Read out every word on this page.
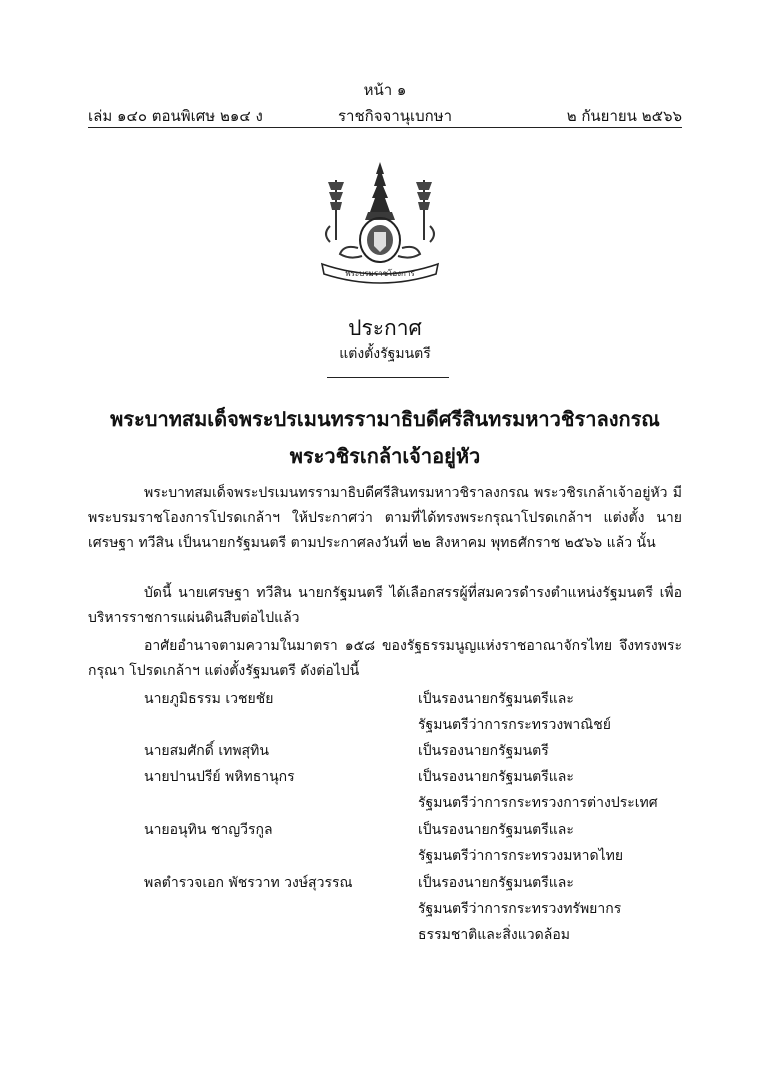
หน้า ๑
เล่ม ๑๔๐ ตอนพิเศษ ๒๑๔ ง	ราชกิจจานุเบกษา	๒ กันยายน ๒๕๖๖
พระบรมราชโองการ
ประกาศ
แต่งตั้งรัฐมนตรี
พระบาทสมเด็จพระปรเมนทรรามาธิบดีศรีสินทรมหาวชิราลงกรณ
พระวชิรเกล้าเจ้าอยู่หัว

พระบาทสมเด็จพระปรเมนทรรามาธิบดีศรีสินทรมหาวชิราลงกรณ พระวชิรเกล้าเจ้าอยู่หัว มีพระบรมราชโองการโปรดเกล้าฯ ให้ประกาศว่า ตามที่ได้ทรงพระกรุณาโปรดเกล้าฯ แต่งตั้ง นายเศรษฐา ทวีสิน เป็นนายกรัฐมนตรี ตามประกาศลงวันที่ ๒๒ สิงหาคม พุทธศักราช ๒๕๖๖ แล้ว นั้น

บัดนี้ นายเศรษฐา ทวีสิน นายกรัฐมนตรี ได้เลือกสรรผู้ที่สมควรดำรงตำแหน่งรัฐมนตรี เพื่อบริหารราชการแผ่นดินสืบต่อไปแล้ว

อาศัยอำนาจตามความในมาตรา ๑๕๘ ของรัฐธรรมนูญแห่งราชอาณาจักรไทย จึงทรงพระกรุณา โปรดเกล้าฯ แต่งตั้งรัฐมนตรี ดังต่อไปนี้

นายภูมิธรรม เวชยชัย	เป็นรองนายกรัฐมนตรีและ
รัฐมนตรีว่าการกระทรวงพาณิชย์
นายสมศักดิ์ เทพสุทิน	เป็นรองนายกรัฐมนตรี
นายปานปรีย์ พหิทธานุกร	เป็นรองนายกรัฐมนตรีและ
รัฐมนตรีว่าการกระทรวงการต่างประเทศ
นายอนุทิน ชาญวีรกูล	เป็นรองนายกรัฐมนตรีและ
รัฐมนตรีว่าการกระทรวงมหาดไทย
พลตำรวจเอก พัชรวาท วงษ์สุวรรณ	เป็นรองนายกรัฐมนตรีและ
รัฐมนตรีว่าการกระทรวงทรัพยากร
ธรรมชาติและสิ่งแวดล้อม
